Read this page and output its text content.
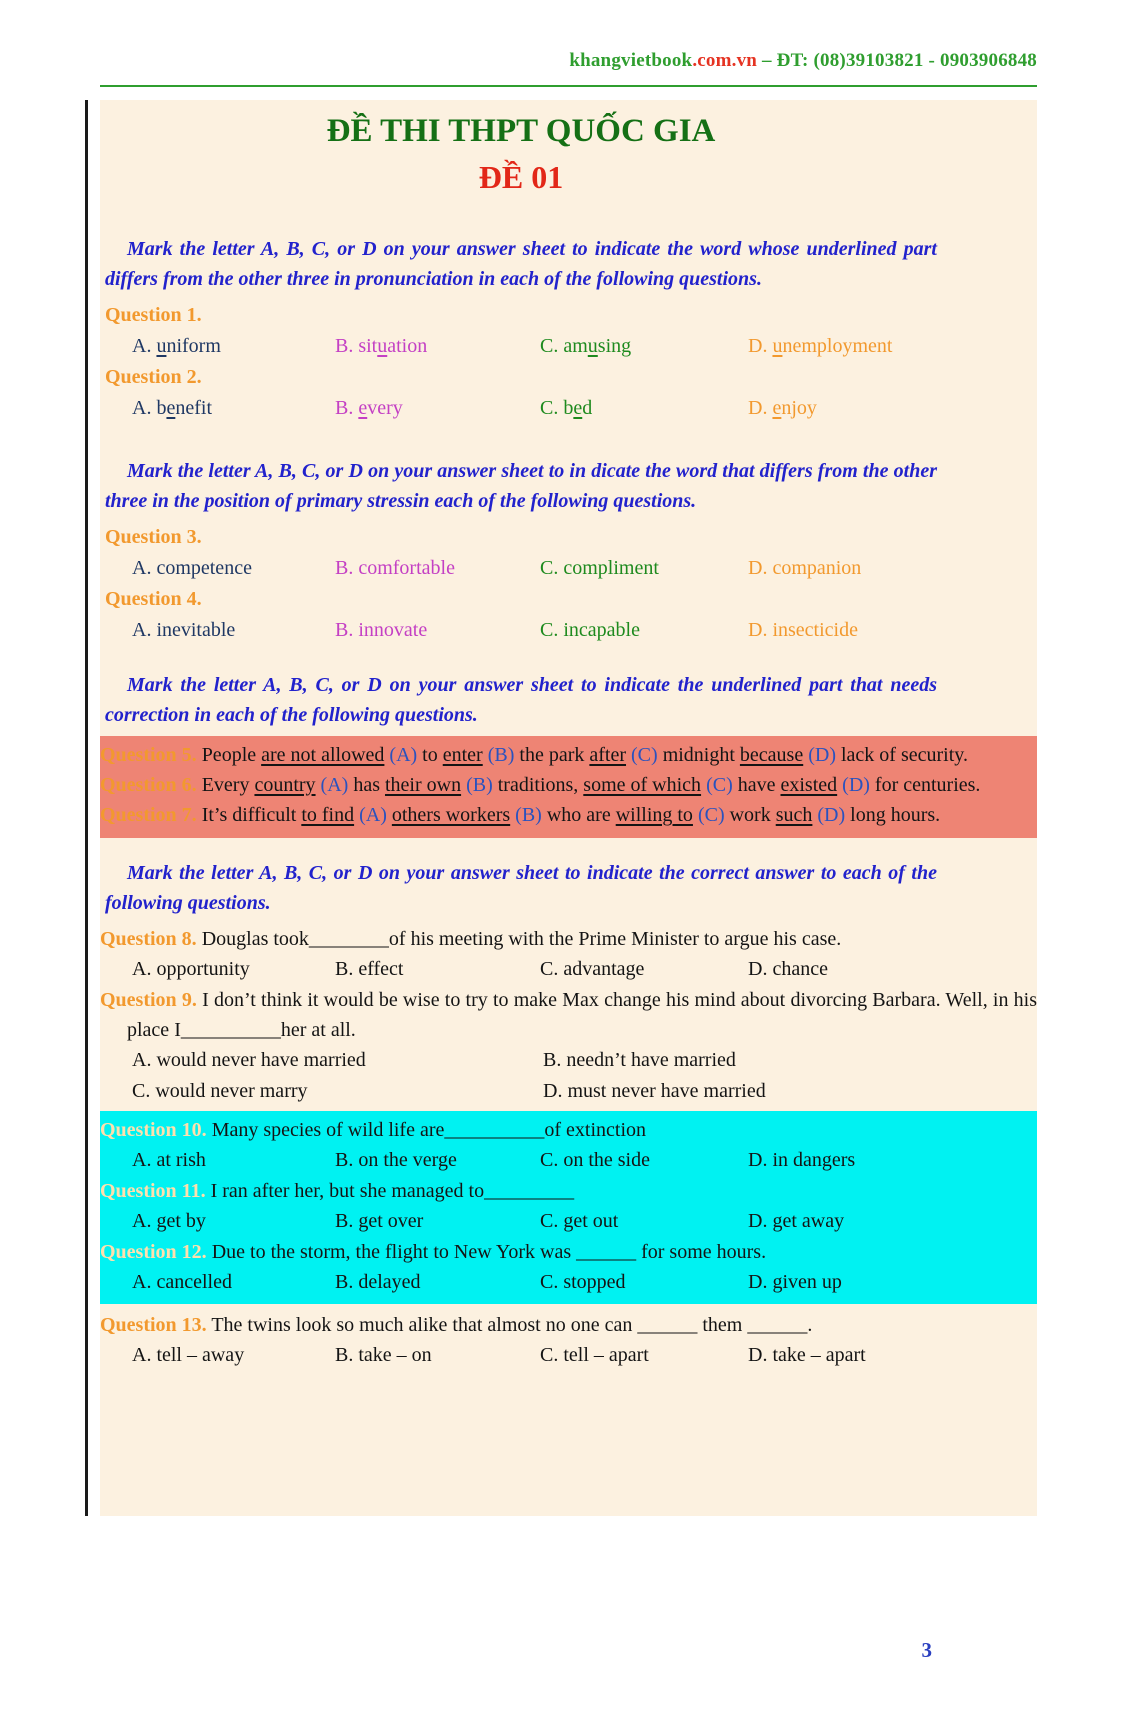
khangvietbook.com.vn – ĐT: (08)39103821 - 0903906848
ĐỀ THI THPT QUỐC GIA
ĐỀ 01

Mark the letter A, B, C, or D on your answer sheet to indicate the word whose underlined part differs from the other three in pronunciation in each of the following questions.

Question 1.
A. uniform	B. situation	C. amusing	D. unemployment
Question 2.
A. benefit	B. every	C. bed	D. enjoy

Mark the letter A, B, C, or D on your answer sheet to in dicate the word that differs from the other three in the position of primary stressin each of the following questions.

Question 3.
A. competence	B. comfortable	C. compliment	D. companion
Question 4.
A. inevitable	B. innovate	C. incapable	D. insecticide

Mark the letter A, B, C, or D on your answer sheet to indicate the underlined part that needs correction in each of the following questions.

Question 5. People are not allowed (A) to enter (B) the park after (C) midnight because (D) lack of security.

Question 6. Every country (A) has their own (B) traditions, some of which (C) have existed (D) for centuries.

Question 7. It’s difficult to find (A) others workers (B) who are willing to (C) work such (D) long hours.

Mark the letter A, B, C, or D on your answer sheet to indicate the correct answer to each of the following questions.

Question 8. Douglas took________of his meeting with the Prime Minister to argue his case.

A. opportunity	B. effect	C. advantage	D. chance

Question 9. I don’t think it would be wise to try to make Max change his mind about divorcing Barbara. Well, in his place I__________her at all.

A. would never have married	B. needn’t have married
C. would never marry	D. must never have married

Question 10. Many species of wild life are__________of extinction

A. at rish	B. on the verge	C. on the side	D. in dangers

Question 11. I ran after her, but she managed to_________

A. get by	B. get over	C. get out	D. get away

Question 12. Due to the storm, the flight to New York was ______ for some hours.

A. cancelled	B. delayed	C. stopped	D. given up

Question 13. The twins look so much alike that almost no one can ______ them ______.

A. tell – away	B. take – on	C. tell – apart	D. take – apart
3
